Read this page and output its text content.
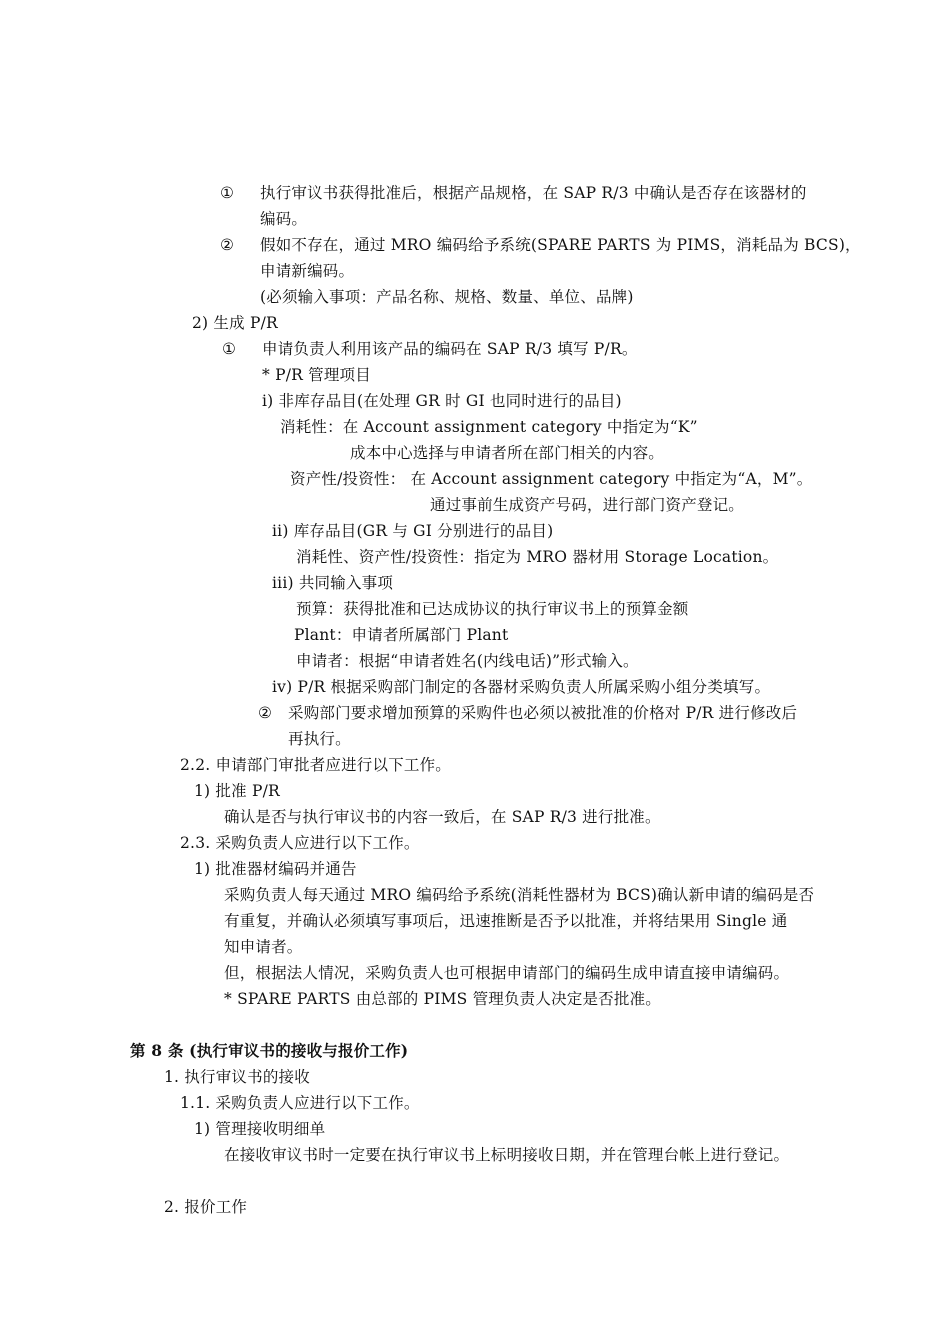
① 执行审议书获得批准后，根据产品规格，在 SAP R/3 中确认是否存在该器材的
编码。
② 假如不存在，通过 MRO 编码给予系统(SPARE PARTS 为 PIMS，消耗品为 BCS)，
申请新编码。
(必须输入事项：产品名称、规格、数量、单位、品牌)
2) 生成 P/R
① 申请负责人利用该产品的编码在 SAP R/3 填写 P/R。
* P/R 管理项目
i) 非库存品目(在处理 GR 时 GI 也同时进行的品目)
消耗性：在 Account assignment category 中指定为“K”
成本中心选择与申请者所在部门相关的内容。
资产性/投资性： 在 Account assignment category 中指定为“A，M”。
通过事前生成资产号码，进行部门资产登记。
ii) 库存品目(GR 与 GI 分别进行的品目)
消耗性、资产性/投资性：指定为 MRO 器材用 Storage Location。
iii) 共同输入事项
预算：获得批准和已达成协议的执行审议书上的预算金额
Plant：申请者所属部门 Plant
申请者：根据“申请者姓名(内线电话)”形式输入。
iv) P/R 根据采购部门制定的各器材采购负责人所属采购小组分类填写。
② 采购部门要求增加预算的采购件也必须以被批准的价格对 P/R 进行修改后
再执行。
2.2. 申请部门审批者应进行以下工作。
1) 批准 P/R
确认是否与执行审议书的内容一致后，在 SAP R/3 进行批准。
2.3. 采购负责人应进行以下工作。
1) 批准器材编码并通告
采购负责人每天通过 MRO 编码给予系统(消耗性器材为 BCS)确认新申请的编码是否
有重复，并确认必须填写事项后，迅速推断是否予以批准，并将结果用 Single 通
知申请者。
但，根据法人情况，采购负责人也可根据申请部门的编码生成申请直接申请编码。
* SPARE PARTS 由总部的 PIMS 管理负责人决定是否批准。
第 8 条 (执行审议书的接收与报价工作)
1. 执行审议书的接收
1.1. 采购负责人应进行以下工作。
1) 管理接收明细单
在接收审议书时一定要在执行审议书上标明接收日期，并在管理台帐上进行登记。
2. 报价工作
